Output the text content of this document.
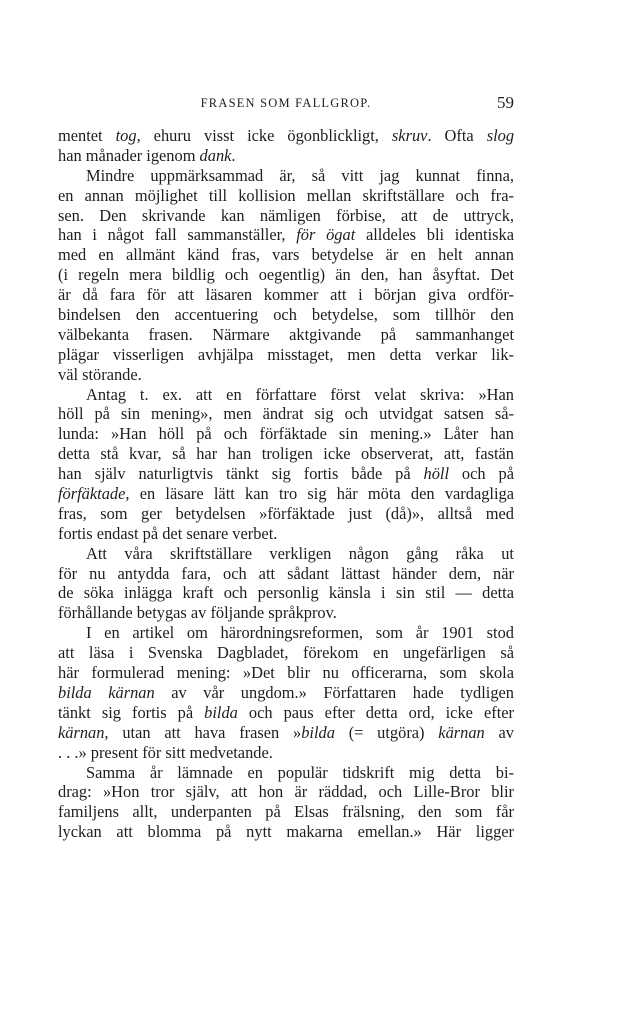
FRASEN SOM FALLGROP.	59
mentet tog, ehuru visst icke ögonblickligt, skruv. Ofta slog
han månader igenom dank.
Mindre uppmärksammad är, så vitt jag kunnat finna,
en annan möjlighet till kollision mellan skriftställare och fra-
sen. Den skrivande kan nämligen förbise, att de uttryck,
han i något fall sammanställer, för ögat alldeles bli identiska
med en allmänt känd fras, vars betydelse är en helt annan
(i regeln mera bildlig och oegentlig) än den, han åsyftat. Det
är då fara för att läsaren kommer att i början giva ordför-
bindelsen den accentuering och betydelse, som tillhör den
välbekanta frasen. Närmare aktgivande på sammanhanget
plägar visserligen avhjälpa misstaget, men detta verkar lik-
väl störande.
Antag t. ex. att en författare först velat skriva: »Han
höll på sin mening», men ändrat sig och utvidgat satsen så-
lunda: »Han höll på och förfäktade sin mening.» Låter han
detta stå kvar, så har han troligen icke observerat, att, fastän
han själv naturligtvis tänkt sig fortis både på höll och på
förfäktade, en läsare lätt kan tro sig här möta den vardagliga
fras, som ger betydelsen »förfäktade just (då)», alltså med
fortis endast på det senare verbet.
Att våra skriftställare verkligen någon gång råka ut
för nu antydda fara, och att sådant lättast händer dem, när
de söka inlägga kraft och personlig känsla i sin stil — detta
förhållande betygas av följande språkprov.
I en artikel om härordningsreformen, som år 1901 stod
att läsa i Svenska Dagbladet, förekom en ungefärligen så
här formulerad mening: »Det blir nu officerarna, som skola
bilda kärnan av vår ungdom.» Författaren hade tydligen
tänkt sig fortis på bilda och paus efter detta ord, icke efter
kärnan, utan att hava frasen »bilda (= utgöra) kärnan av
. . .» present för sitt medvetande.
Samma år lämnade en populär tidskrift mig detta bi-
drag: »Hon tror själv, att hon är räddad, och Lille-Bror blir
familjens allt, underpanten på Elsas frälsning, den som får
lyckan att blomma på nytt makarna emellan.» Här ligger
